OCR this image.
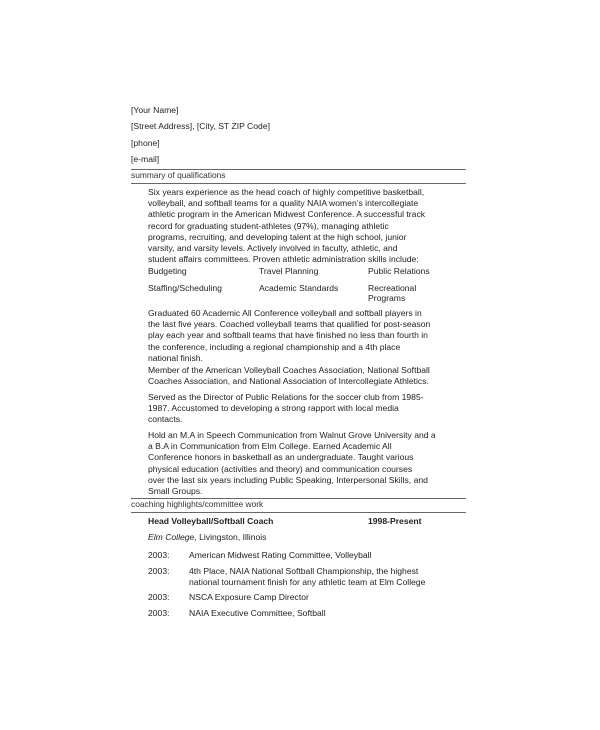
[Your Name]
[Street Address], [City, ST ZIP Code]
[phone]
[e-mail]
summary of qualifications
Six years experience as the head coach of highly competitive basketball,
volleyball, and softball teams for a quality NAIA women’s intercollegiate
athletic program in the American Midwest Conference. A successful track
record for graduating student-athletes (97%), managing athletic
programs, recruiting, and developing talent at the high school, junior
varsity, and varsity levels. Actively involved in faculty, athletic, and
student affairs committees. Proven athletic administration skills include:
Budgeting	Travel Planning	Public Relations
Staffing/Scheduling	Academic Standards	Recreational
Programs
Graduated 60 Academic All Conference volleyball and softball players in
the last five years. Coached volleyball teams that qualified for post-season
play each year and softball teams that have finished no less than fourth in
the conference, including a regional championship and a 4th place
national finish.
Member of the American Volleyball Coaches Association, National Softball
Coaches Association, and National Association of Intercollegiate Athletics.
Served as the Director of Public Relations for the soccer club from 1985-
1987. Accustomed to developing a strong rapport with local media
contacts.
Hold an M.A in Speech Communication from Walnut Grove University and a
a B.A in Communication from Elm College. Earned Academic All
Conference honors in basketball as an undergraduate. Taught various
physical education (activities and theory) and communication courses
over the last six years including Public Speaking, Interpersonal Skills, and
Small Groups.
coaching highlights/committee work
Head Volleyball/Softball Coach	1998-Present
Elm College, Livingston, Illinois
2003: American Midwest Rating Committee, Volleyball
2003: 4th Place, NAIA National Softball Championship, the highest
national tournament finish for any athletic team at Elm College
2003: NSCA Exposure Camp Director
2003: NAIA Executive Committee, Softball
